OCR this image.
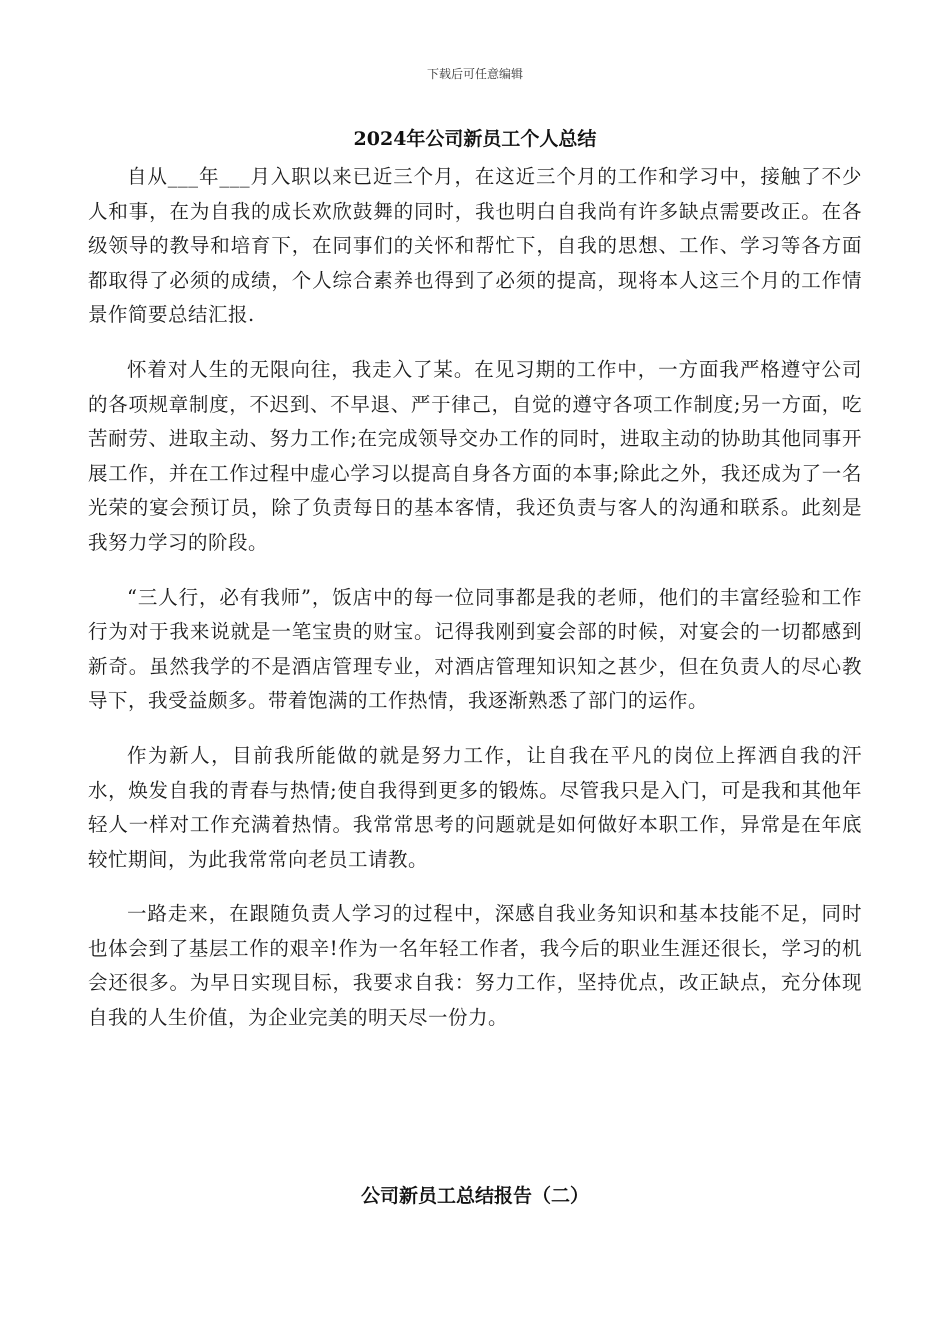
下载后可任意编辑
2024年公司新员工个人总结

自从___年___月入职以来已近三个月，在这近三个月的工作和学习中，接触了不少人和事，在为自我的成长欢欣鼓舞的同时，我也明白自我尚有许多缺点需要改正。在各级领导的教导和培育下，在同事们的关怀和帮忙下，自我的思想、工作、学习等各方面都取得了必须的成绩，个人综合素养也得到了必须的提高，现将本人这三个月的工作情景作简要总结汇报.

怀着对人生的无限向往，我走入了某。在见习期的工作中，一方面我严格遵守公司的各项规章制度，不迟到、不早退、严于律己，自觉的遵守各项工作制度;另一方面，吃苦耐劳、进取主动、努力工作;在完成领导交办工作的同时，进取主动的协助其他同事开展工作，并在工作过程中虚心学习以提高自身各方面的本事;除此之外，我还成为了一名光荣的宴会预订员，除了负责每日的基本客情，我还负责与客人的沟通和联系。此刻是我努力学习的阶段。

“三人行，必有我师”，饭店中的每一位同事都是我的老师，他们的丰富经验和工作行为对于我来说就是一笔宝贵的财宝。记得我刚到宴会部的时候，对宴会的一切都感到新奇。虽然我学的不是酒店管理专业，对酒店管理知识知之甚少，但在负责人的尽心教导下，我受益颇多。带着饱满的工作热情，我逐渐熟悉了部门的运作。

作为新人，目前我所能做的就是努力工作，让自我在平凡的岗位上挥洒自我的汗水，焕发自我的青春与热情;使自我得到更多的锻炼。尽管我只是入门，可是我和其他年轻人一样对工作充满着热情。我常常思考的问题就是如何做好本职工作，异常是在年底较忙期间，为此我常常向老员工请教。

一路走来，在跟随负责人学习的过程中，深感自我业务知识和基本技能不足，同时也体会到了基层工作的艰辛!作为一名年轻工作者，我今后的职业生涯还很长，学习的机会还很多。为早日实现目标，我要求自我：努力工作，坚持优点，改正缺点，充分体现自我的人生价值，为企业完美的明天尽一份力。

公司新员工总结报告（二）
